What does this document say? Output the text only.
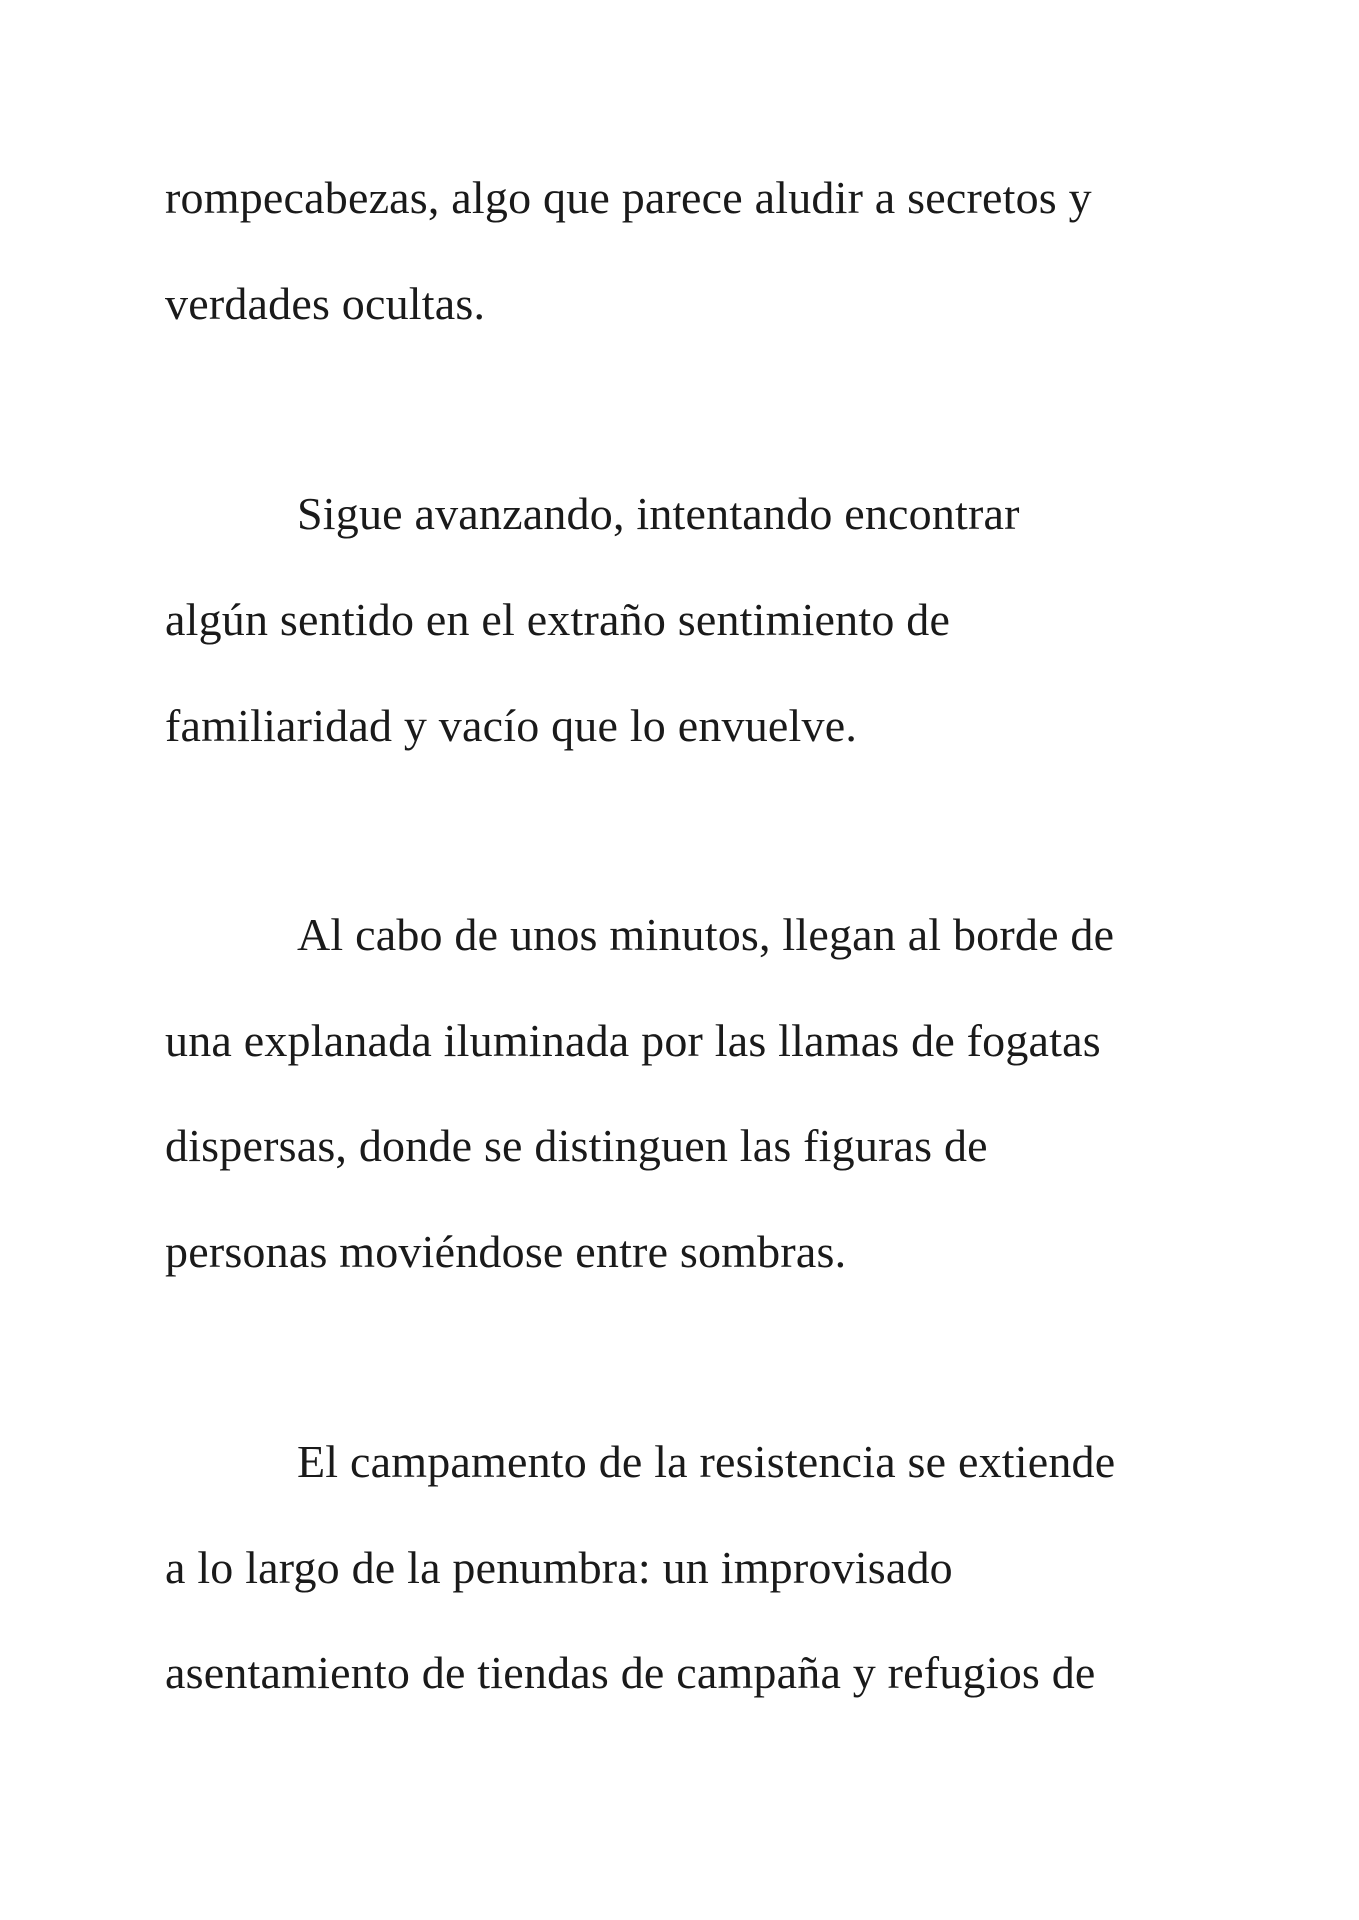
rompecabezas, algo que parece aludir a secretos y
verdades ocultas.
Sigue avanzando, intentando encontrar
algún sentido en el extraño sentimiento de
familiaridad y vacío que lo envuelve.
Al cabo de unos minutos, llegan al borde de
una explanada iluminada por las llamas de fogatas
dispersas, donde se distinguen las figuras de
personas moviéndose entre sombras.
El campamento de la resistencia se extiende
a lo largo de la penumbra: un improvisado
asentamiento de tiendas de campaña y refugios de
